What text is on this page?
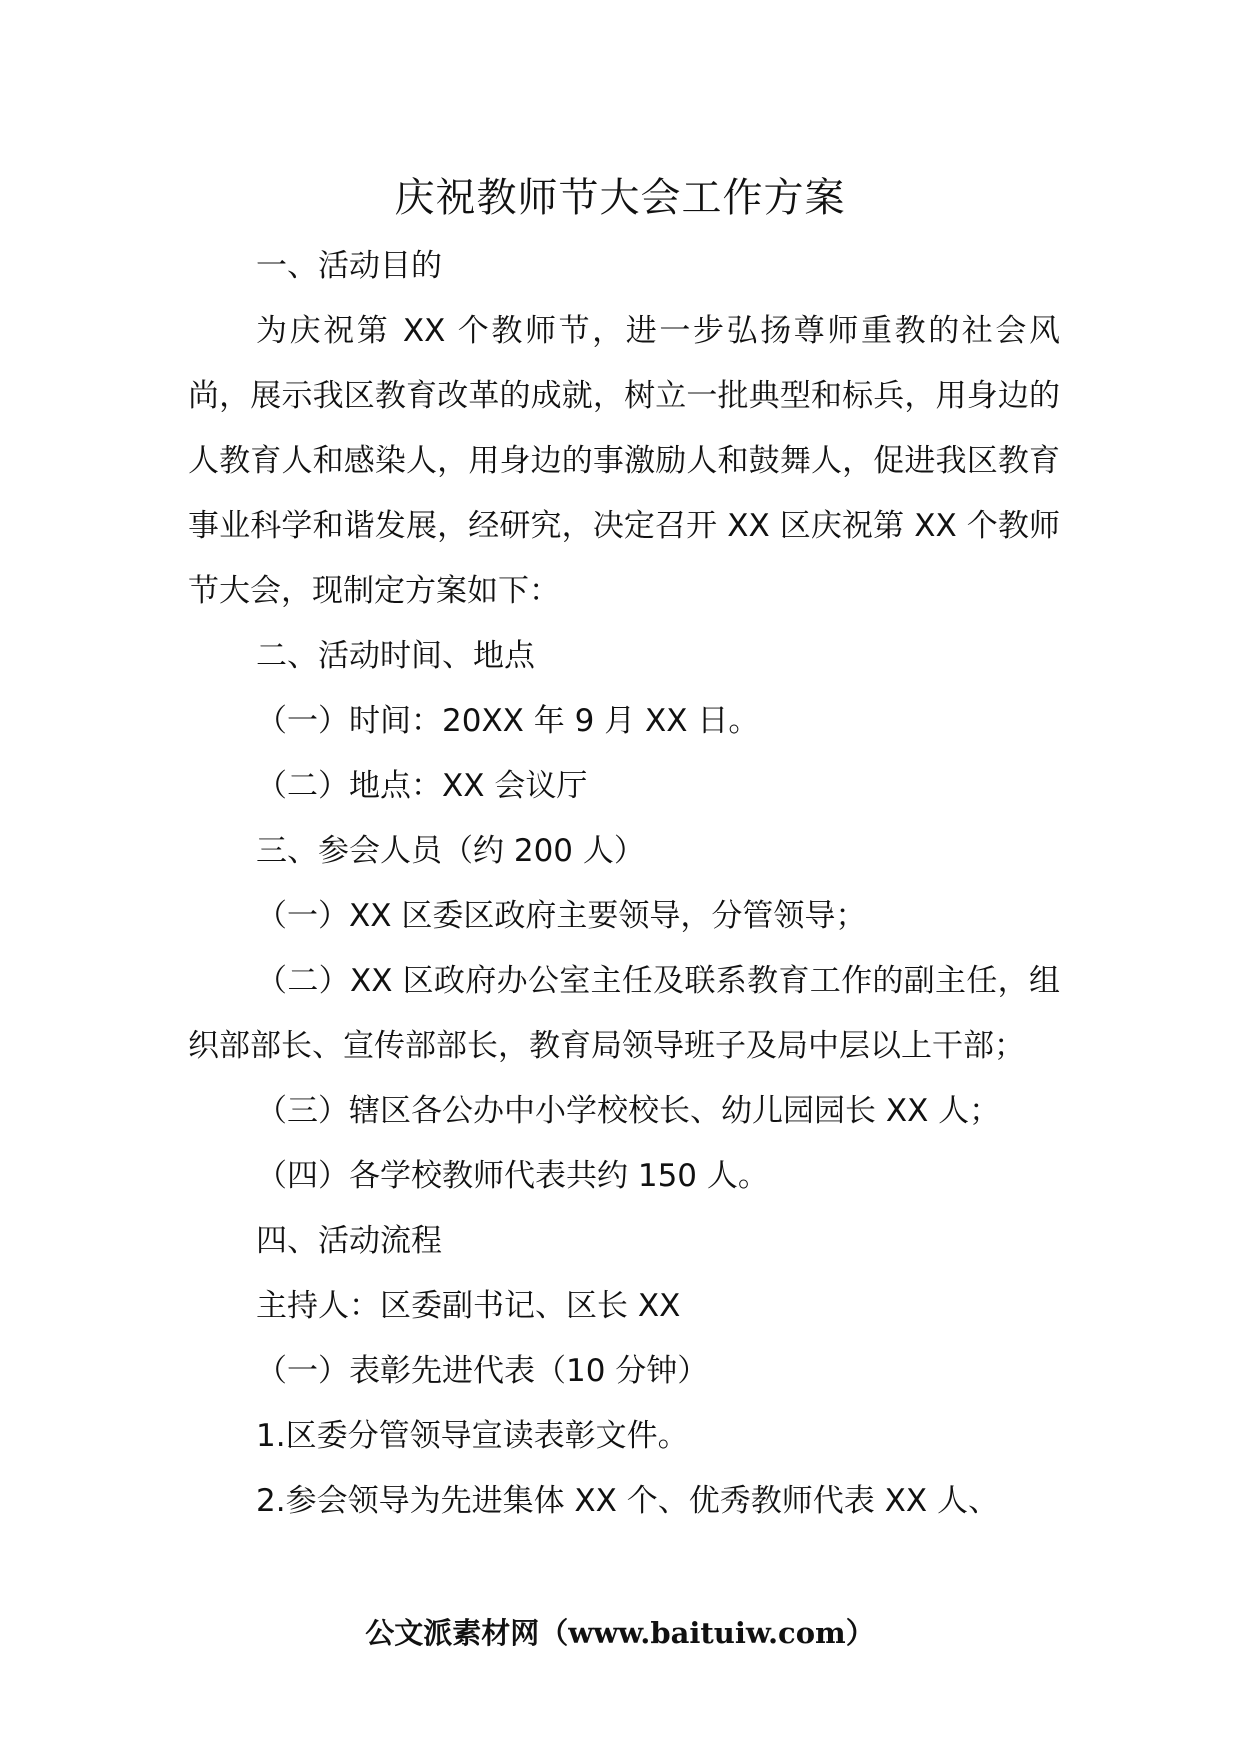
庆祝教师节大会工作方案

一、活动目的

为庆祝第 XX 个教师节，进一步弘扬尊师重教的社会风尚，展示我区教育改革的成就，树立一批典型和标兵，用身边的人教育人和感染人，用身边的事激励人和鼓舞人，促进我区教育事业科学和谐发展，经研究，决定召开 XX 区庆祝第 XX 个教师节大会，现制定方案如下：

二、活动时间、地点

（一）时间：20XX 年 9 月 XX 日。

（二）地点：XX 会议厅

三、参会人员（约 200 人）

（一）XX 区委区政府主要领导，分管领导；

（二）XX 区政府办公室主任及联系教育工作的副主任，组织部部长、宣传部部长，教育局领导班子及局中层以上干部；

（三）辖区各公办中小学校校长、幼儿园园长 XX 人；

（四）各学校教师代表共约 150 人。

四、活动流程

主持人：区委副书记、区长 XX

（一）表彰先进代表（10 分钟）

1.区委分管领导宣读表彰文件。

2.参会领导为先进集体 XX 个、优秀教师代表 XX 人、

公文派素材网（www.baituiw.com）
